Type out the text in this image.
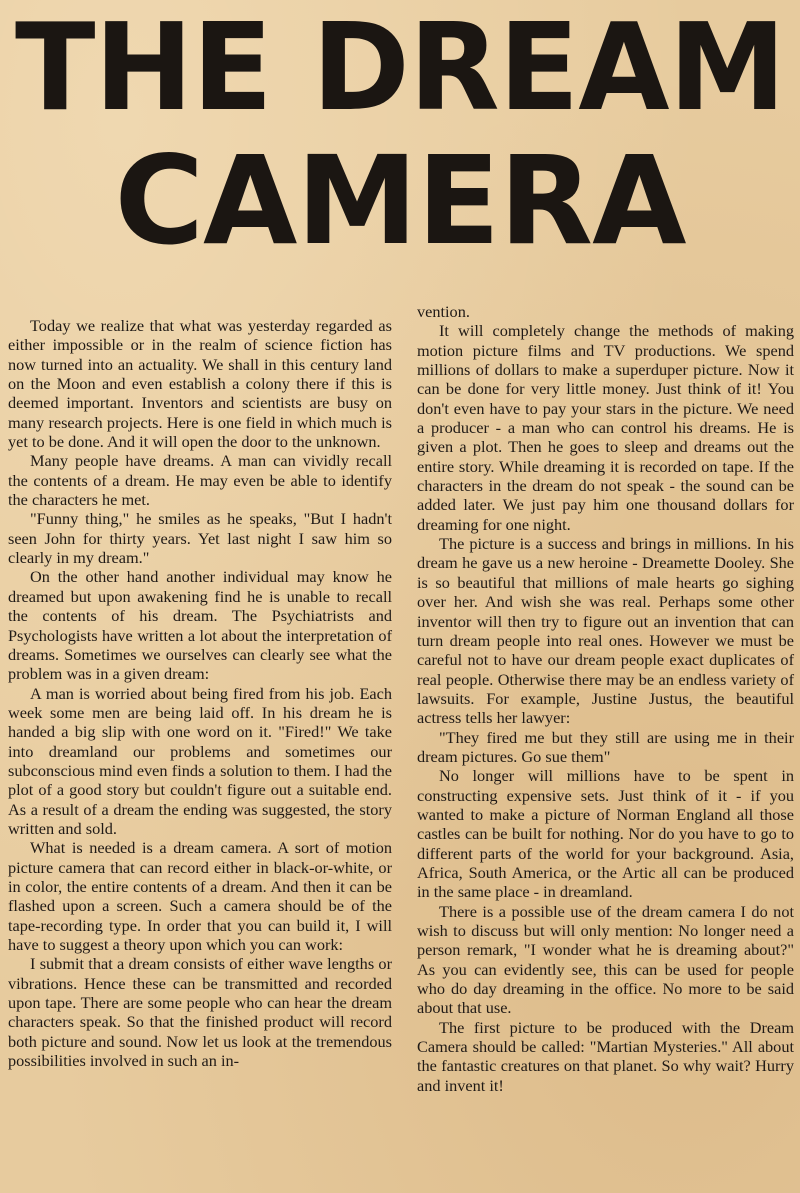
THE DREAM
CAMERA

Today we realize that what was yesterday regarded as either impossible or in the realm of science fiction has now turned into an actuality. We shall in this century land on the Moon and even establish a colony there if this is deemed important. Inventors and scientists are busy on many research projects. Here is one field in which much is yet to be done. And it will open the door to the unknown.

Many people have dreams. A man can vividly recall the contents of a dream. He may even be able to identify the characters he met.

"Funny thing," he smiles as he speaks, "But I hadn't seen John for thirty years. Yet last night I saw him so clearly in my dream."

On the other hand another individual may know he dreamed but upon awakening find he is unable to recall the contents of his dream. The Psychiatrists and Psychologists have written a lot about the interpretation of dreams. Sometimes we ourselves can clearly see what the problem was in a given dream:

A man is worried about being fired from his job. Each week some men are being laid off. In his dream he is handed a big slip with one word on it. "Fired!" We take into dreamland our problems and sometimes our subconscious mind even finds a solution to them. I had the plot of a good story but couldn't figure out a suitable end. As a result of a dream the ending was suggested, the story written and sold.

What is needed is a dream camera. A sort of motion picture camera that can record either in black-or-white, or in color, the entire contents of a dream. And then it can be flashed upon a screen. Such a camera should be of the tape-recording type. In order that you can build it, I will have to suggest a theory upon which you can work:

I submit that a dream consists of either wave lengths or vibrations. Hence these can be transmitted and recorded upon tape. There are some people who can hear the dream characters speak. So that the finished product will record both picture and sound. Now let us look at the tremendous possibilities involved in such an in-

vention.

It will completely change the methods of making motion picture films and TV productions. We spend millions of dollars to make a superduper picture. Now it can be done for very little money. Just think of it! You don't even have to pay your stars in the picture. We need a producer - a man who can control his dreams. He is given a plot. Then he goes to sleep and dreams out the entire story. While dreaming it is recorded on tape. If the characters in the dream do not speak - the sound can be added later. We just pay him one thousand dollars for dreaming for one night.

The picture is a success and brings in millions. In his dream he gave us a new heroine - Dreamette Dooley. She is so beautiful that millions of male hearts go sighing over her. And wish she was real. Perhaps some other inventor will then try to figure out an invention that can turn dream people into real ones. However we must be careful not to have our dream people exact duplicates of real people. Otherwise there may be an endless variety of lawsuits. For example, Justine Justus, the beautiful actress tells her lawyer:

"They fired me but they still are using me in their dream pictures. Go sue them"

No longer will millions have to be spent in constructing expensive sets. Just think of it - if you wanted to make a picture of Norman England all those castles can be built for nothing. Nor do you have to go to different parts of the world for your background. Asia, Africa, South America, or the Artic all can be produced in the same place - in dreamland.

There is a possible use of the dream camera I do not wish to discuss but will only mention: No longer need a person remark, "I wonder what he is dreaming about?" As you can evidently see, this can be used for people who do day dreaming in the office. No more to be said about that use.

The first picture to be produced with the Dream Camera should be called: "Martian Mysteries." All about the fantastic creatures on that planet. So why wait? Hurry and invent it!
